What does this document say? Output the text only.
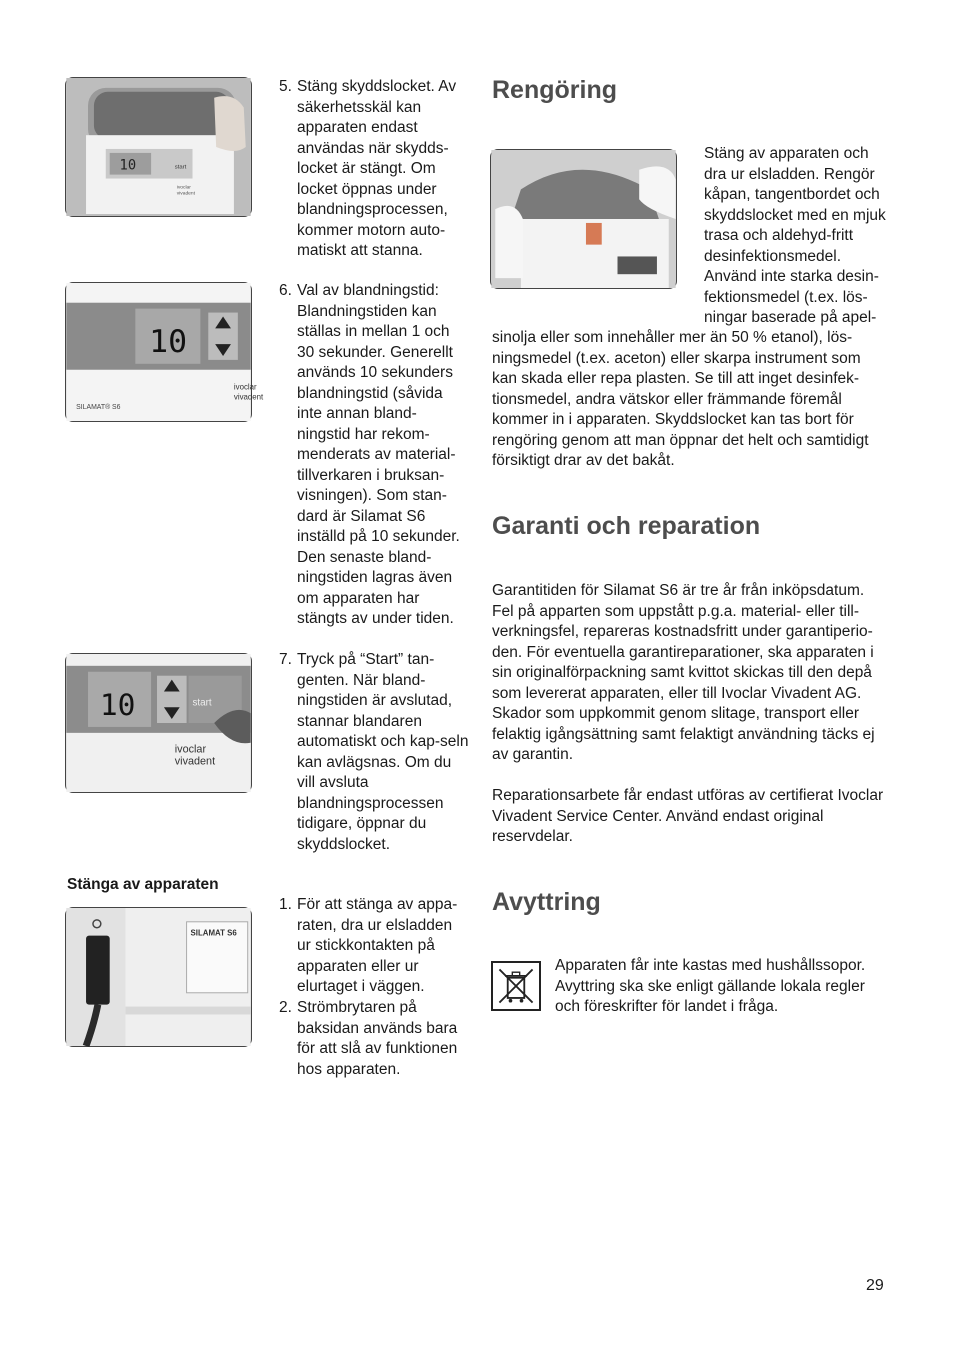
10	start
ivoclar
vivadent
10
ivoclar
vivadent
SILAMAT® S6
10	start
ivoclar
vivadent
SILAMAT S6
5. Stäng skyddslocket. Av säkerhetsskäl kan apparaten endast användas när skydds-locket är stängt. Om locket öppnas under blandningsprocessen, kommer motorn auto-matiskt att stanna.
6. Val av blandningstid: Blandningstiden kan ställas in mellan 1 och 30 sekunder. Generellt används 10 sekunders blandningstid (såvida inte annan bland-ningstid har rekom-menderats av material-tillverkaren i bruksan-visningen). Som stan-dard är Silamat S6 inställd på 10 sekunder. Den senaste bland-ningstiden lagras även om apparaten har stängts av under tiden.
7. Tryck på “Start” tan-genten. När bland-ningstiden är avslutad, stannar blandaren automatiskt och kap-seln kan avlägsnas. Om du vill avsluta blandningsprocessen tidigare, öppnar du skyddslocket.
Stänga av apparaten
1. För att stänga av appa-raten, dra ur elsladden ur stickkontakten på apparaten eller ur elurtaget i väggen.
2. Strömbrytaren på baksidan används bara för att slå av funktionen hos apparaten.
Rengöring

Stäng av apparaten och dra ur elsladden. Rengör kåpan, tangentbordet och skyddslocket med en mjuk trasa och aldehyd-fritt desinfektionsmedel. Använd inte starka desin-fektionsmedel (t.ex. lös-ningar baserade på apel-

sinolja eller som innehåller mer än 50 % etanol), lös-ningsmedel (t.ex. aceton) eller skarpa instrument som kan skada eller repa plasten. Se till att inget desinfek-tionsmedel, andra vätskor eller främmande föremål kommer in i apparaten. Skyddslocket kan tas bort för rengöring genom att man öppnar det helt och samtidigt försiktigt drar av det bakåt.

Garanti och reparation

Garantitiden för Silamat S6 är tre år från inköpsdatum. Fel på apparten som uppstått p.g.a. material- eller till-verkningsfel, repareras kostnadsfritt under garantiperio-den. För eventuella garantireparationer, ska apparaten i sin originalförpackning samt kvittot skickas till den depå som levererat apparaten, eller till Ivoclar Vivadent AG. Skador som uppkommit genom slitage, transport eller felaktig igångsättning samt felaktigt användning täcks ej av garantin.

Reparationsarbete får endast utföras av certifierat Ivoclar Vivadent Service Center. Använd endast original reservdelar.

Avyttring

Apparaten får inte kastas med hushållssopor. Avyttring ska ske enligt gällande lokala regler och föreskrifter för landet i fråga.

29
